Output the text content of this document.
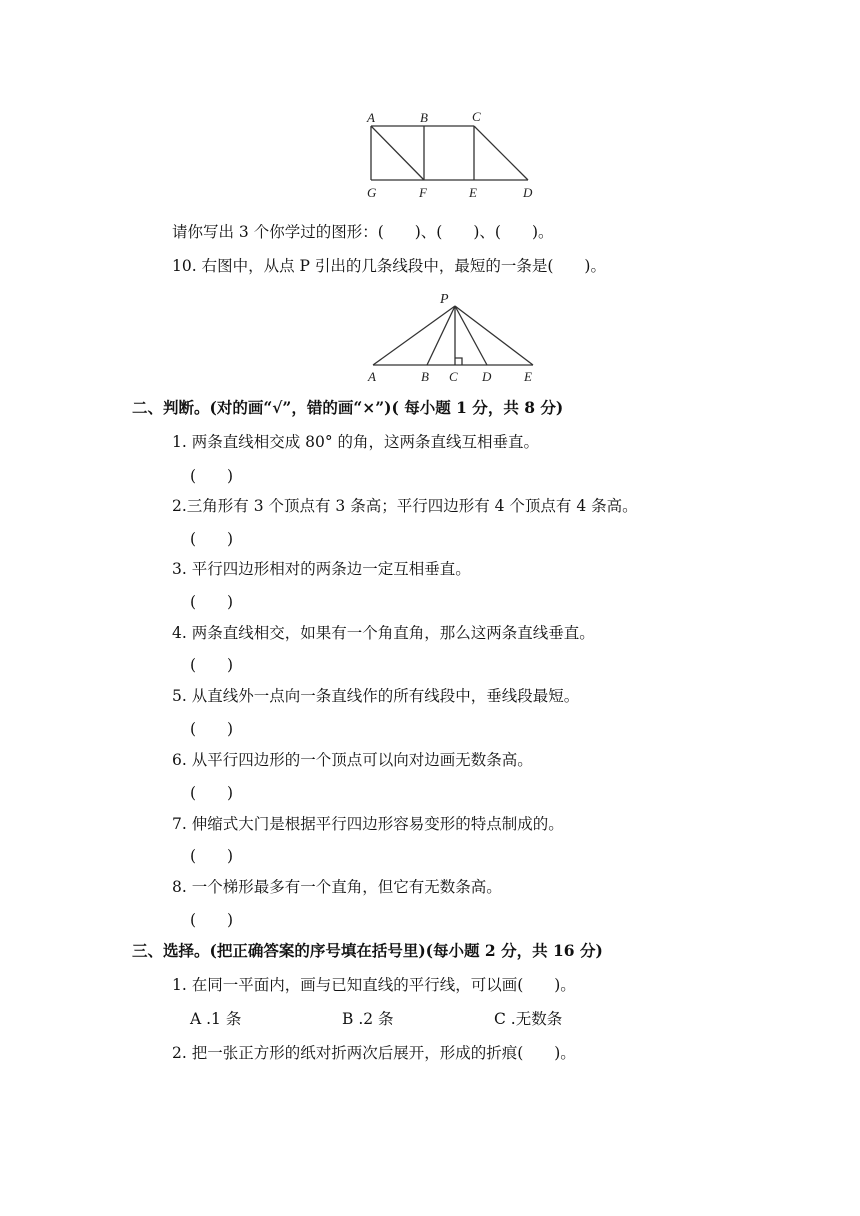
A	B	C
G	F	E	D
请你写出 3 个你学过的图形：(　　)、(　　)、(　　)。
10. 右图中，从点 P 引出的几条线段中，最短的一条是(　　)。
P
A	B C D	E
二、判断。(对的画“√”，错的画“×”)( 每小题 1 分，共 8 分)
1. 两条直线相交成 80° 的角，这两条直线互相垂直。
(　　)
2.三角形有 3 个顶点有 3 条高；平行四边形有 4 个顶点有 4 条高。
(　　)
3. 平行四边形相对的两条边一定互相垂直。
(　　)
4. 两条直线相交，如果有一个角直角，那么这两条直线垂直。
(　　)
5. 从直线外一点向一条直线作的所有线段中，垂线段最短。
(　　)
6. 从平行四边形的一个顶点可以向对边画无数条高。
(　　)
7. 伸缩式大门是根据平行四边形容易变形的特点制成的。
(　　)
8. 一个梯形最多有一个直角，但它有无数条高。
(　　)
三、选择。(把正确答案的序号填在括号里)(每小题 2 分，共 16 分)
1. 在同一平面内，画与已知直线的平行线，可以画(　　)。
A .1 条	B .2 条	C .无数条
2. 把一张正方形的纸对折两次后展开，形成的折痕(　　)。
